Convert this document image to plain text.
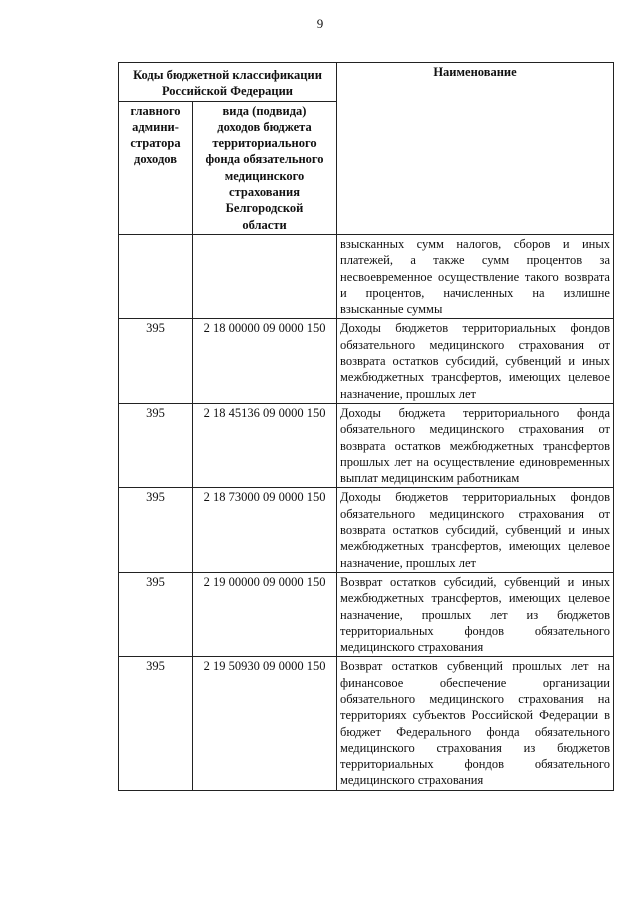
9
Коды бюджетной классификации Российской Федерации		Наименование
главного админи-стратора доходов	вида (подвида) доходов бюджета территориального фонда обязательного медицинского страхования Белгородской области	
		взысканных сумм налогов, сборов и иных платежей, а также сумм процентов за несвоевременное осуществление такого возврата и процентов, начисленных на излишне взысканные суммы
395	2 18 00000 09 0000 150	Доходы бюджетов территориальных фондов обязательного медицинского страхования от возврата остатков субсидий, субвенций и иных межбюджетных трансфертов, имеющих целевое назначение, прошлых лет
395	2 18 45136 09 0000 150	Доходы бюджета территориального фонда обязательного медицинского страхования от возврата остатков межбюджетных трансфертов прошлых лет на осуществление единовременных выплат медицинским работникам
395	2 18 73000 09 0000 150	Доходы бюджетов территориальных фондов обязательного медицинского страхования от возврата остатков субсидий, субвенций и иных межбюджетных трансфертов, имеющих целевое назначение, прошлых лет
395	2 19 00000 09 0000 150	Возврат остатков субсидий, субвенций и иных межбюджетных трансфертов, имеющих целевое назначение, прошлых лет из бюджетов территориальных фондов обязательного медицинского страхования
395	2 19 50930 09 0000 150	Возврат остатков субвенций прошлых лет на финансовое обеспечение организации обязательного медицинского страхования на территориях субъектов Российской Федерации в бюджет Федерального фонда обязательного медицинского страхования из бюджетов территориальных фондов обязательного медицинского страхования
